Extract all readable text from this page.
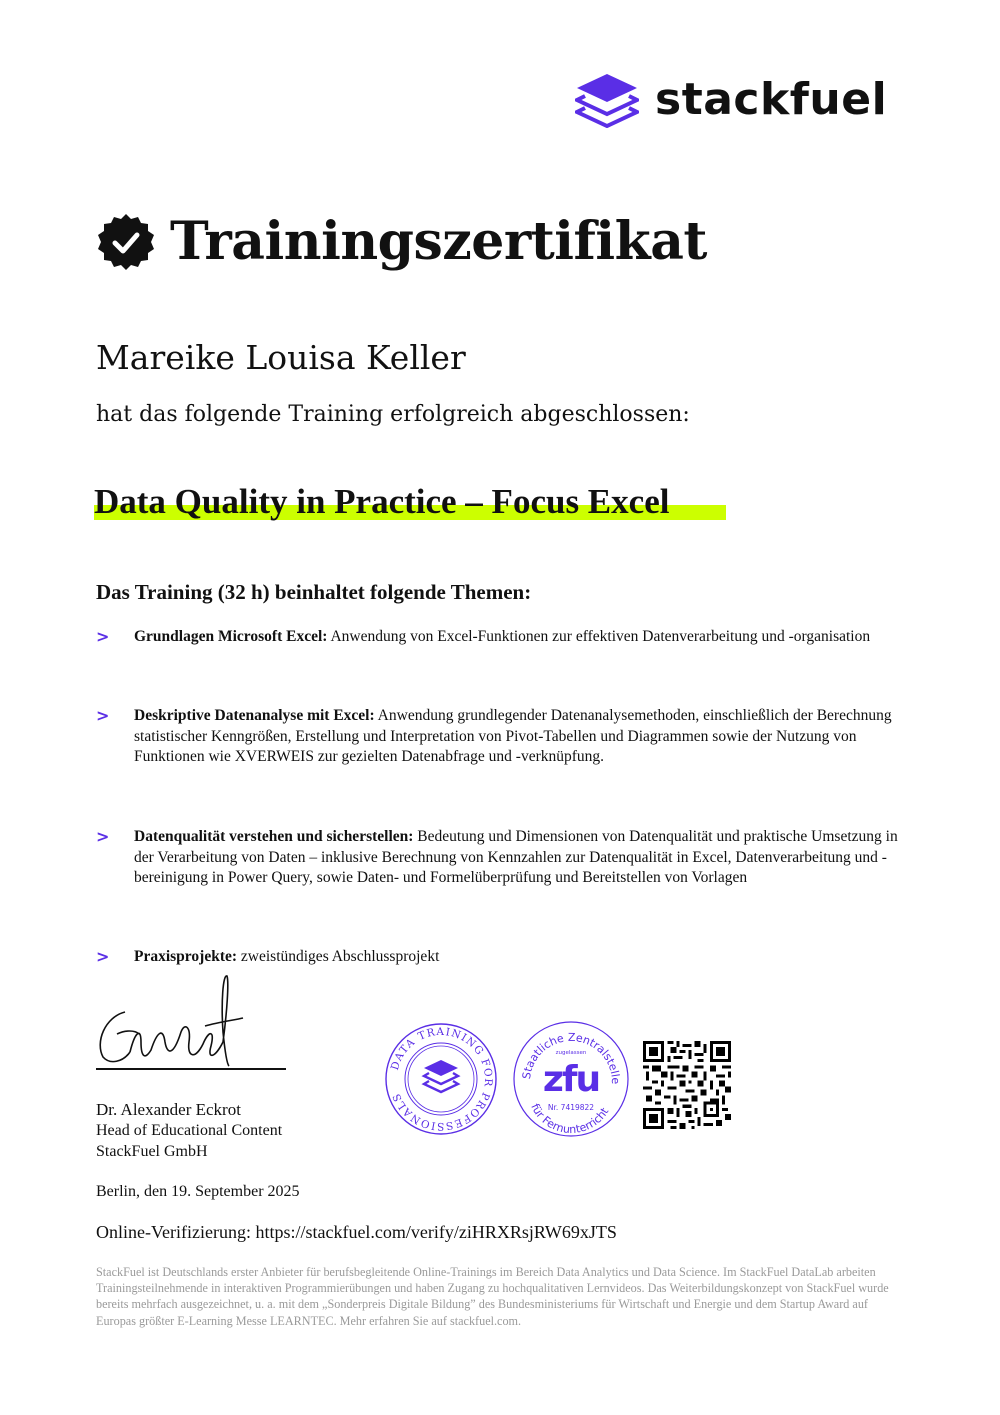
stackfuel
Trainingszertifikat
Mareike Louisa Keller
hat das folgende Training erfolgreich abgeschlossen:
Data Quality in Practice – Focus Excel
Das Training (32 h) beinhaltet folgende Themen:
>	Grundlagen Microsoft Excel: Anwendung von Excel-Funktionen zur effektiven Datenverarbeitung und -organisation
>	Deskriptive Datenanalyse mit Excel: Anwendung grundlegender Datenanalysemethoden, einschließlich der Berechnung statistischer Kenngrößen, Erstellung und Interpretation von Pivot-Tabellen und Diagrammen sowie der Nutzung von Funktionen wie XVERWEIS zur gezielten Datenabfrage und -verknüpfung.
>	Datenqualität verstehen und sicherstellen: Bedeutung und Dimensionen von Datenqualität und praktische Umsetzung in der Verarbeitung von Daten – inklusive Berechnung von Kennzahlen zur Datenqualität in Excel, Datenverarbeitung und -bereinigung in Power Query, sowie Daten- und Formelüberprüfung und Bereitstellen von Vorlagen
>	Praxisprojekte: zweistündiges Abschlussprojekt
Dr. Alexander Eckrot
Head of Educational Content
StackFuel GmbH
DATA TRAINING FOR PROFESSIONALS
Staatliche Zentralstelle
zugelassen
zfu
Nr. 7419822
für Fernunterricht
Berlin, den 19. September 2025
Online-Verifizierung: https://stackfuel.com/verify/ziHRXRsjRW69xJTS
StackFuel ist Deutschlands erster Anbieter für berufsbegleitende Online-Trainings im Bereich Data Analytics und Data Science. Im StackFuel DataLab arbeiten Trainingsteilnehmende in interaktiven Programmierübungen und haben Zugang zu hochqualitativen Lernvideos. Das Weiterbildungskonzept von StackFuel wurde bereits mehrfach ausgezeichnet, u. a. mit dem „Sonderpreis Digitale Bildung” des Bundesministeriums für Wirtschaft und Energie und dem Startup Award auf Europas größter E-Learning Messe LEARNTEC. Mehr erfahren Sie auf stackfuel.com.
